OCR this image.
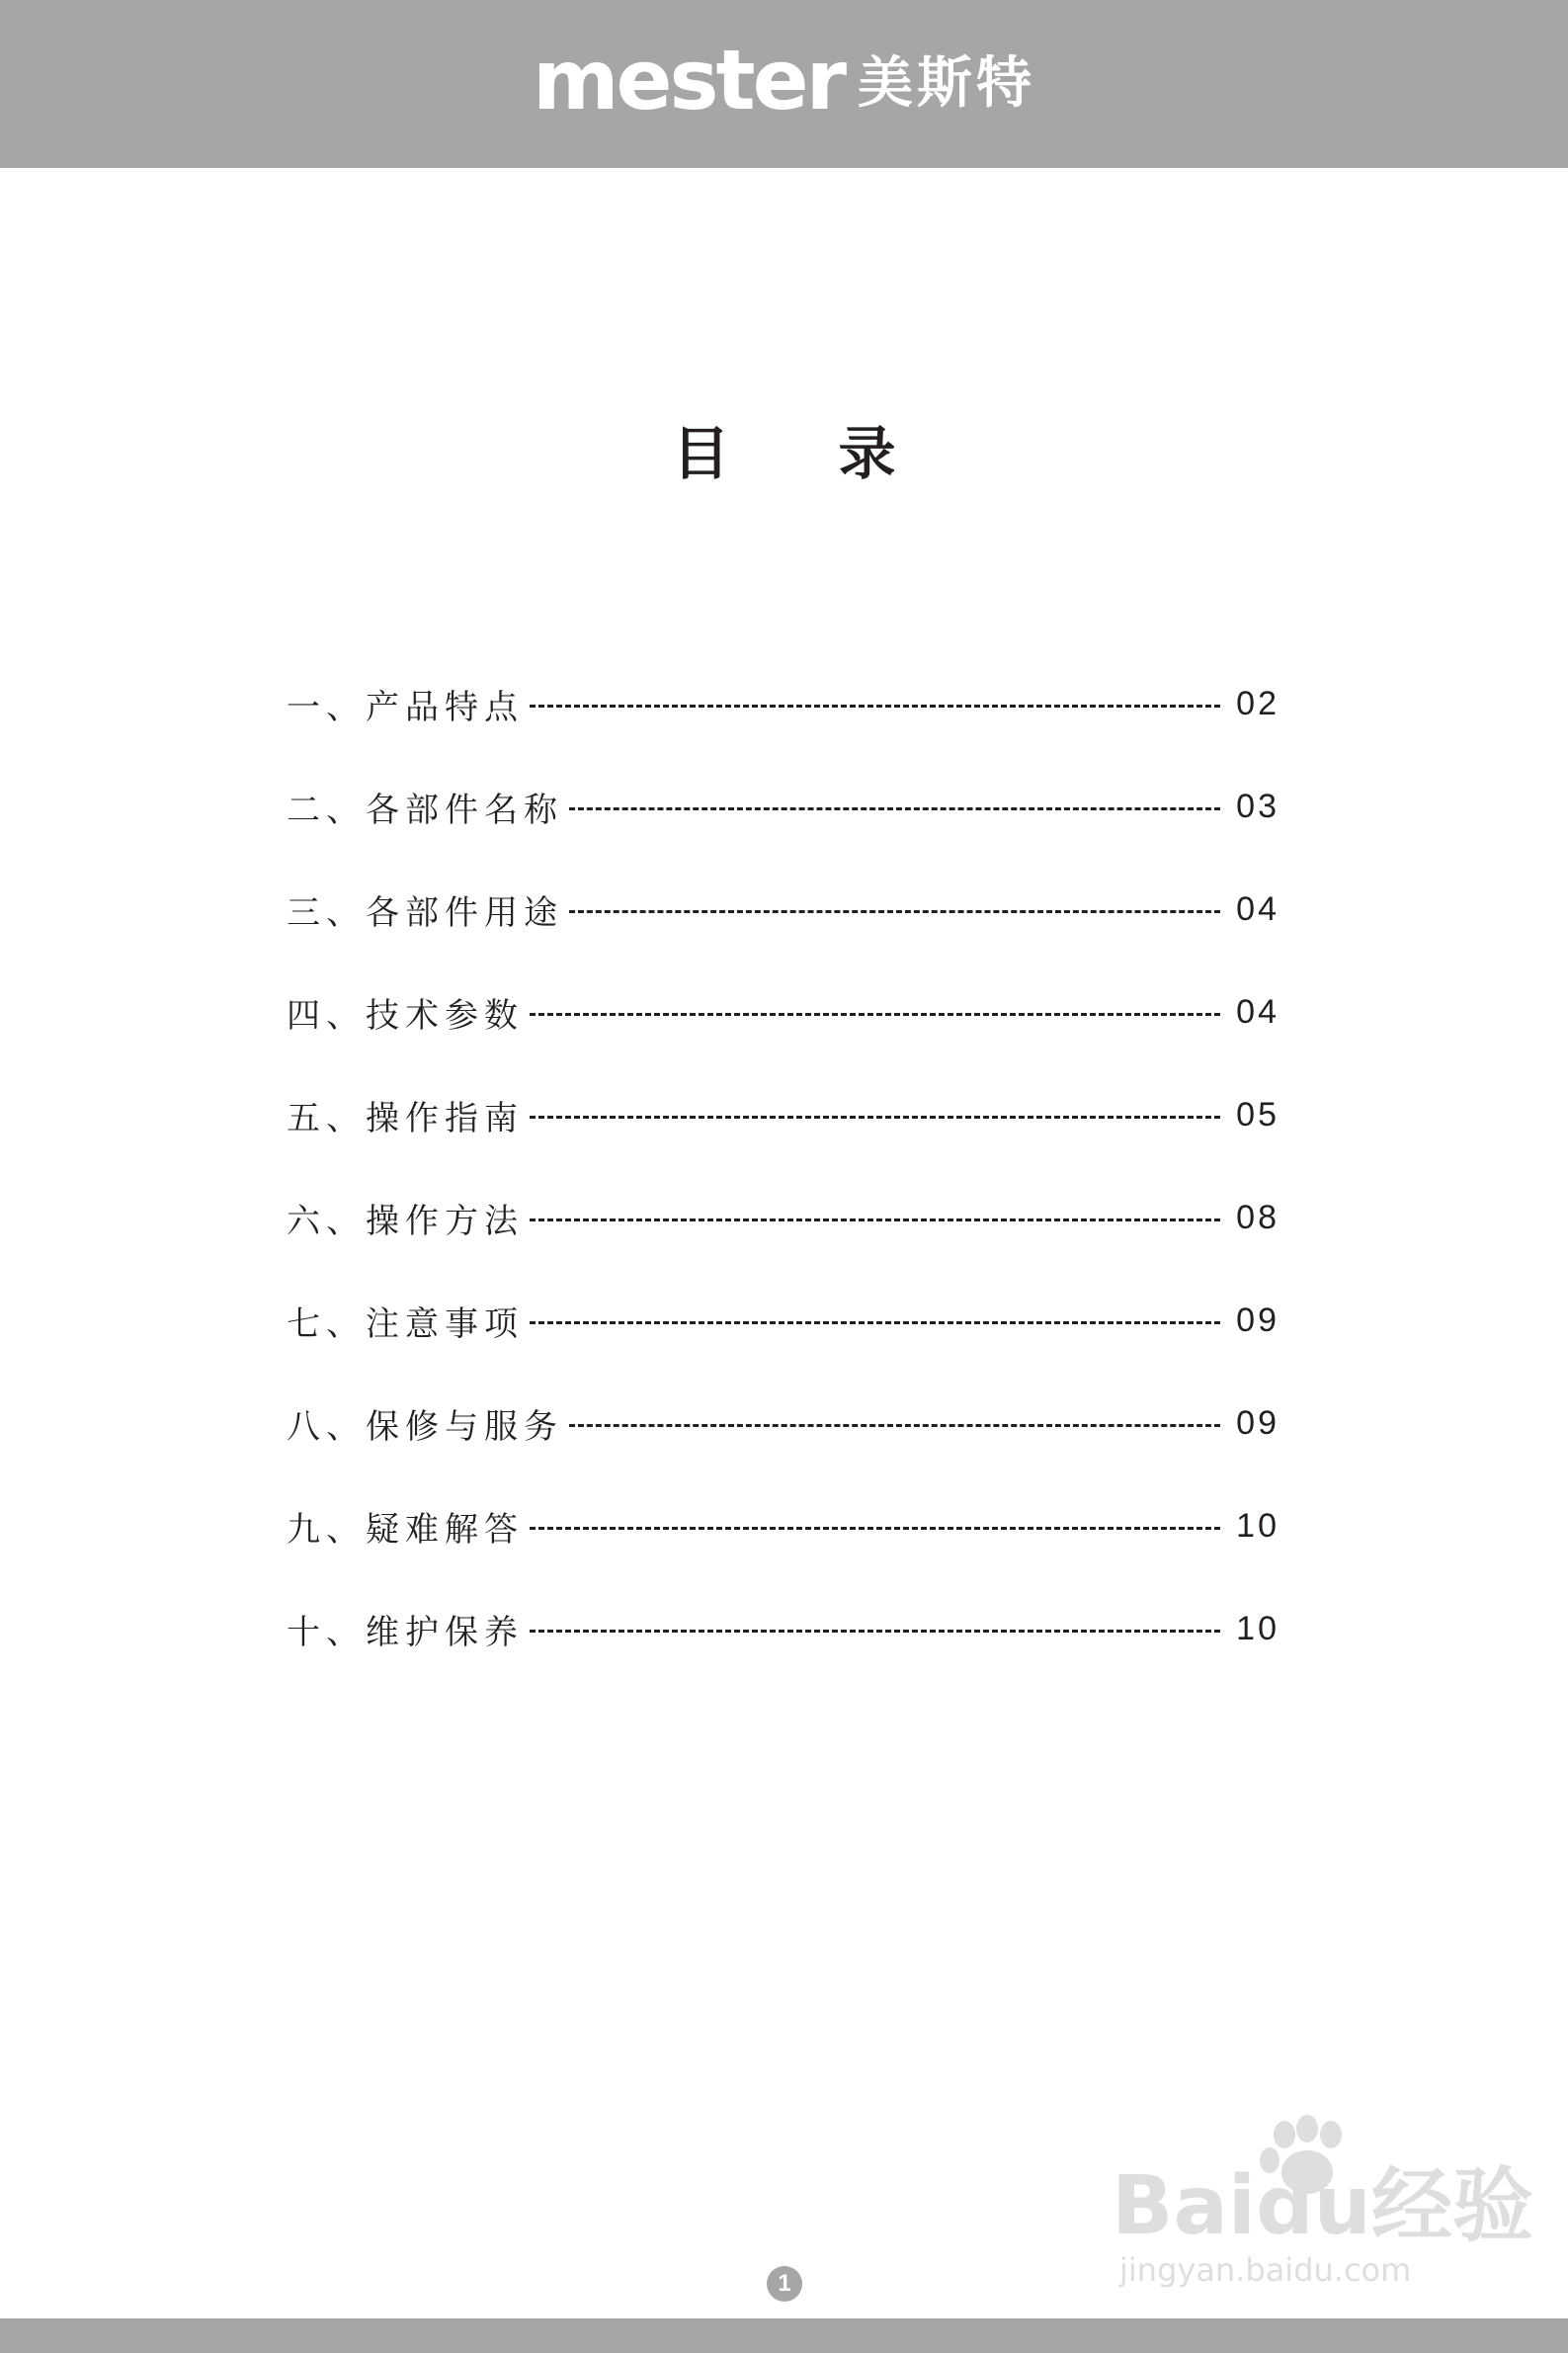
mester 美斯特
目录
一、产品特点	02
二、各部件名称	03
三、各部件用途	04
四、技术参数	04
五、操作指南	05
六、操作方法	08
七、注意事项	09
八、保修与服务	09
九、疑难解答	10
十、维护保养	10
Baidu经验
jingyan.baidu.com
1
